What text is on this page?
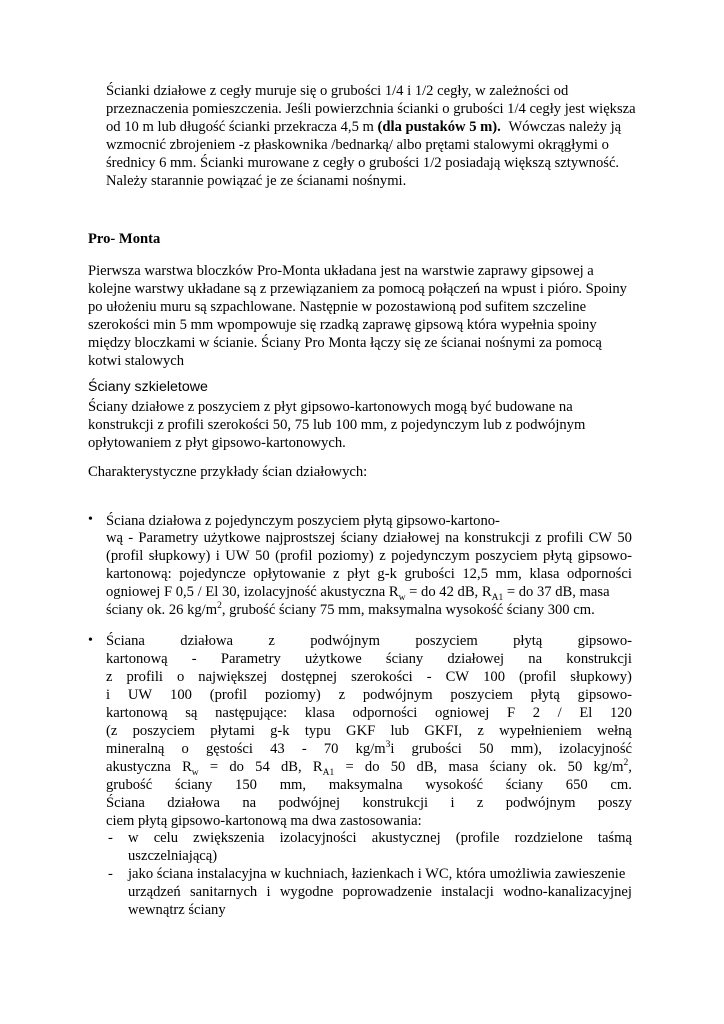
Ścianki działowe z cegły muruje się o grubości 1/4 i 1/2 cegły, w zależności od
przeznaczenia pomieszczenia. Jeśli powierzchnia ścianki o grubości 1/4 cegły jest większa
od 10 m lub długość ścianki przekracza 4,5 m (dla pustaków 5 m). Wówczas należy ją
wzmocnić zbrojeniem -z płaskownika /bednarką/ albo prętami stalowymi okrągłymi o
średnicy 6 mm. Ścianki murowane z cegły o grubości 1/2 posiadają większą sztywność.
Należy starannie powiązać je ze ścianami nośnymi.
Pro- Monta
Pierwsza warstwa bloczków Pro-Monta układana jest na warstwie zaprawy gipsowej a
kolejne warstwy układane są z przewiązaniem za pomocą połączeń na wpust i pióro. Spoiny
po ułożeniu muru są szpachlowane. Następnie w pozostawioną pod sufitem szczeline
szerokości min 5 mm wpompowuje się rzadką zaprawę gipsową która wypełnia spoiny
między bloczkami w ścianie. Ściany Pro Monta łączy się ze ścianai nośnymi za pomocą
kotwi stalowych
Ściany szkieletowe
Ściany działowe z poszyciem z płyt gipsowo-kartonowych mogą być budowane na
konstrukcji z profili szerokości 50, 75 lub 100 mm, z pojedynczym lub z podwójnym
opłytowaniem z płyt gipsowo-kartonowych.
Charakterystyczne przykłady ścian działowych:
• Ściana działowa z pojedynczym poszyciem płytą gipsowo-kartono-
wą - Parametry użytkowe najprostszej ściany działowej na konstrukcji z profili CW 50
(profil słupkowy) i UW 50 (profil poziomy) z pojedynczym poszyciem płytą gipsowo-
kartonową: pojedyncze opłytowanie z płyt g-k grubości 12,5 mm, klasa odporności
ogniowej F 0,5 / El 30, izolacyjność akustyczna $R_w$ = do 42 dB, $R_{A1}$ = do 37 dB, masa
ściany ok. 26 $kg/m^2$, grubość ściany 75 mm, maksymalna wysokość ściany 300 cm.
• Ściana działowa z podwójnym poszyciem płytą gipsowo-
kartonową - Parametry użytkowe ściany działowej na konstrukcji
z profili o największej dostępnej szerokości - CW 100 (profil słupkowy)
i UW 100 (profil poziomy) z podwójnym poszyciem płytą gipsowo-
kartonową są następujące: klasa odporności ogniowej F 2 / El 120
(z poszyciem płytami g-k typu GKF lub GKFI, z wypełnieniem wełną
mineralną o gęstości 43 - 70 $kg/m^3i$ grubości 50 mm), izolacyjność
akustyczna $R_w$ = do 54 dB, $R_{A1}$ = do 50 dB, masa ściany ok. 50 $kg/m^2$,
grubość ściany 150 mm, maksymalna wysokość ściany 650 cm.
Ściana działowa na podwójnej konstrukcji i z podwójnym poszy
ciem płytą gipsowo-kartonową ma dwa zastosowania:
- w celu zwiększenia izolacyjności akustycznej (profile rozdzielone taśmą
uszczelniającą)
- jako ściana instalacyjna w kuchniach, łazienkach i WC, która umożliwia zawieszenie
urządzeń sanitarnych i wygodne poprowadzenie instalacji wodno-kanalizacyjnej
wewnątrz ściany
